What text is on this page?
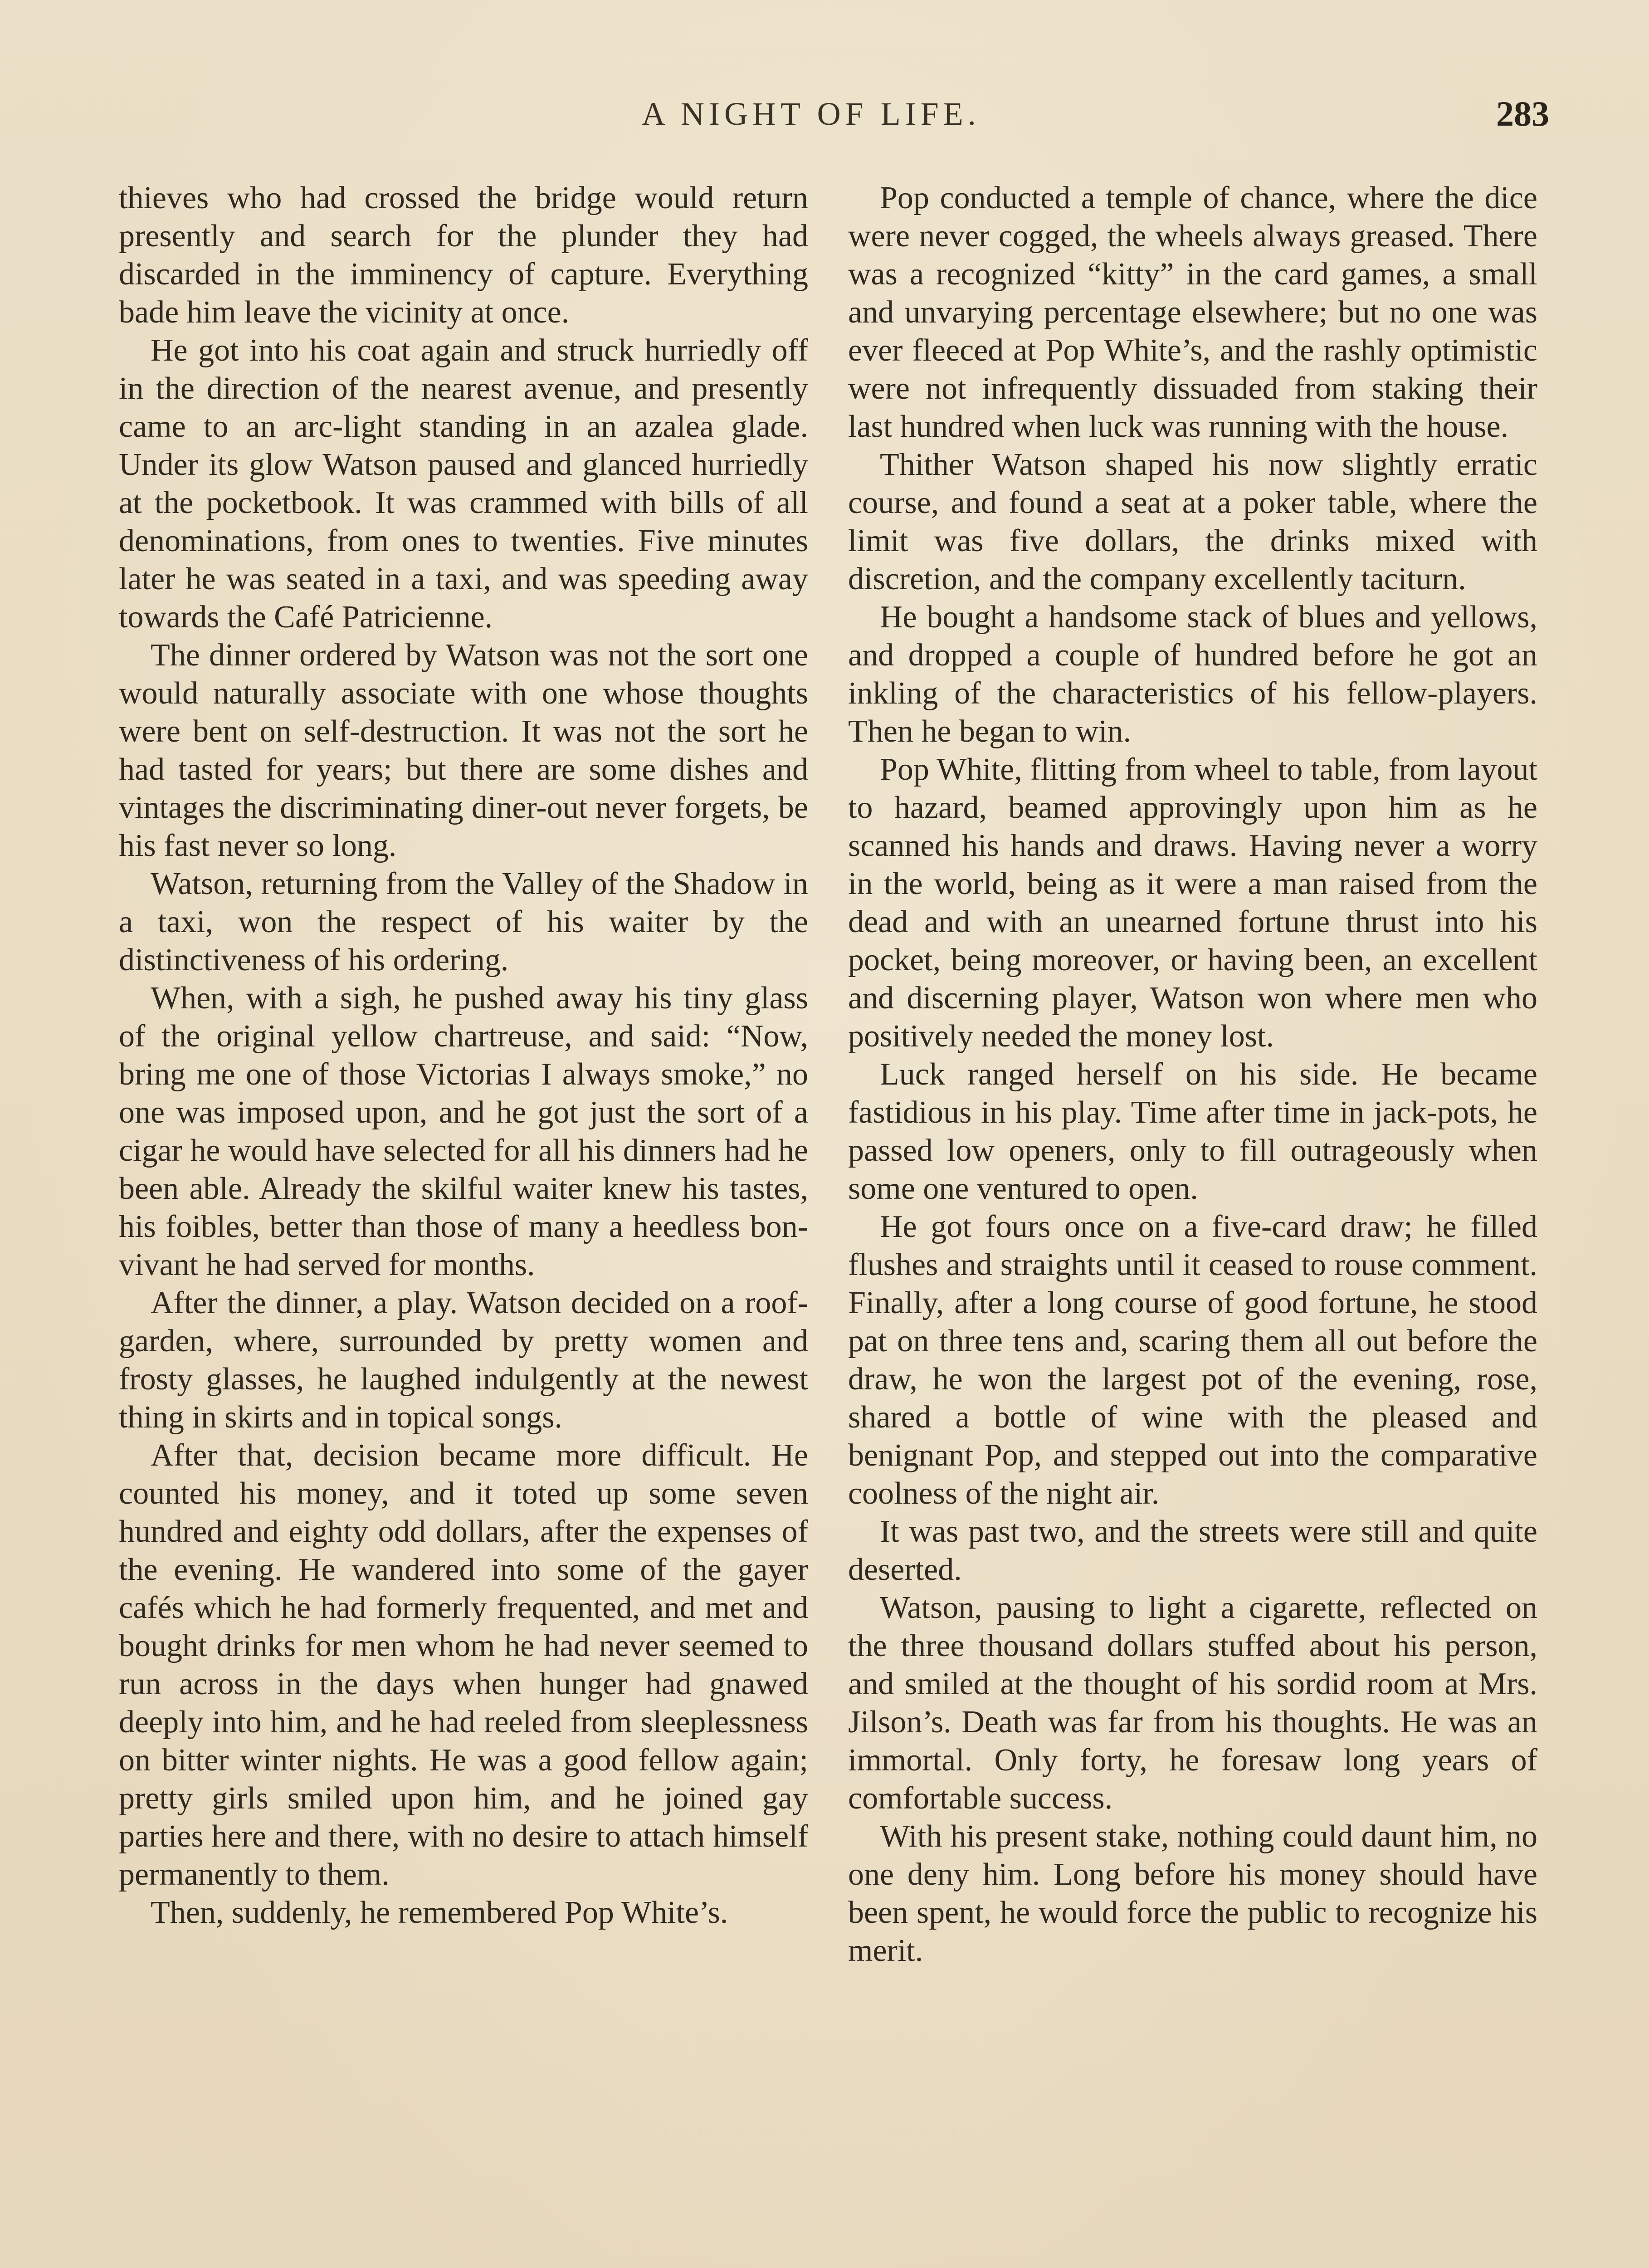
A NIGHT OF LIFE.	283

thieves who had crossed the bridge would return presently and search for the plunder they had discarded in the imminency of capture. Everything bade him leave the vicinity at once.

He got into his coat again and struck hurriedly off in the direction of the nearest avenue, and presently came to an arc-light standing in an azalea glade. Under its glow Watson paused and glanced hurriedly at the pocketbook. It was crammed with bills of all denominations, from ones to twenties. Five minutes later he was seated in a taxi, and was speeding away towards the Café Patricienne.

The dinner ordered by Watson was not the sort one would naturally associate with one whose thoughts were bent on self-destruction. It was not the sort he had tasted for years; but there are some dishes and vintages the discriminating diner-out never forgets, be his fast never so long.

Watson, returning from the Valley of the Shadow in a taxi, won the respect of his waiter by the distinctiveness of his ordering.

When, with a sigh, he pushed away his tiny glass of the original yellow chartreuse, and said: “Now, bring me one of those Victorias I always smoke,” no one was imposed upon, and he got just the sort of a cigar he would have selected for all his dinners had he been able. Already the skilful waiter knew his tastes, his foibles, better than those of many a heedless bon-vivant he had served for months.

After the dinner, a play. Watson decided on a roof-garden, where, surrounded by pretty women and frosty glasses, he laughed indulgently at the newest thing in skirts and in topical songs.

After that, decision became more difficult. He counted his money, and it toted up some seven hundred and eighty odd dollars, after the expenses of the evening. He wandered into some of the gayer cafés which he had formerly frequented, and met and bought drinks for men whom he had never seemed to run across in the days when hunger had gnawed deeply into him, and he had reeled from sleeplessness on bitter winter nights. He was a good fellow again; pretty girls smiled upon him, and he joined gay parties here and there, with no desire to attach himself permanently to them.

Then, suddenly, he remembered Pop White’s.

Pop conducted a temple of chance, where the dice were never cogged, the wheels always greased. There was a recognized “kitty” in the card games, a small and unvarying percentage elsewhere; but no one was ever fleeced at Pop White’s, and the rashly optimistic were not infrequently dissuaded from staking their last hundred when luck was running with the house.

Thither Watson shaped his now slightly erratic course, and found a seat at a poker table, where the limit was five dollars, the drinks mixed with discretion, and the company excellently taciturn.

He bought a handsome stack of blues and yellows, and dropped a couple of hundred before he got an inkling of the characteristics of his fellow-players. Then he began to win.

Pop White, flitting from wheel to table, from layout to hazard, beamed approvingly upon him as he scanned his hands and draws. Having never a worry in the world, being as it were a man raised from the dead and with an unearned fortune thrust into his pocket, being moreover, or having been, an excellent and discerning player, Watson won where men who positively needed the money lost.

Luck ranged herself on his side. He became fastidious in his play. Time after time in jack-pots, he passed low openers, only to fill outrageously when some one ventured to open.

He got fours once on a five-card draw; he filled flushes and straights until it ceased to rouse comment. Finally, after a long course of good fortune, he stood pat on three tens and, scaring them all out before the draw, he won the largest pot of the evening, rose, shared a bottle of wine with the pleased and benignant Pop, and stepped out into the comparative coolness of the night air.

It was past two, and the streets were still and quite deserted.

Watson, pausing to light a cigarette, reflected on the three thousand dollars stuffed about his person, and smiled at the thought of his sordid room at Mrs. Jilson’s. Death was far from his thoughts. He was an immortal. Only forty, he foresaw long years of comfortable success.

With his present stake, nothing could daunt him, no one deny him. Long before his money should have been spent, he would force the public to recognize his merit.
